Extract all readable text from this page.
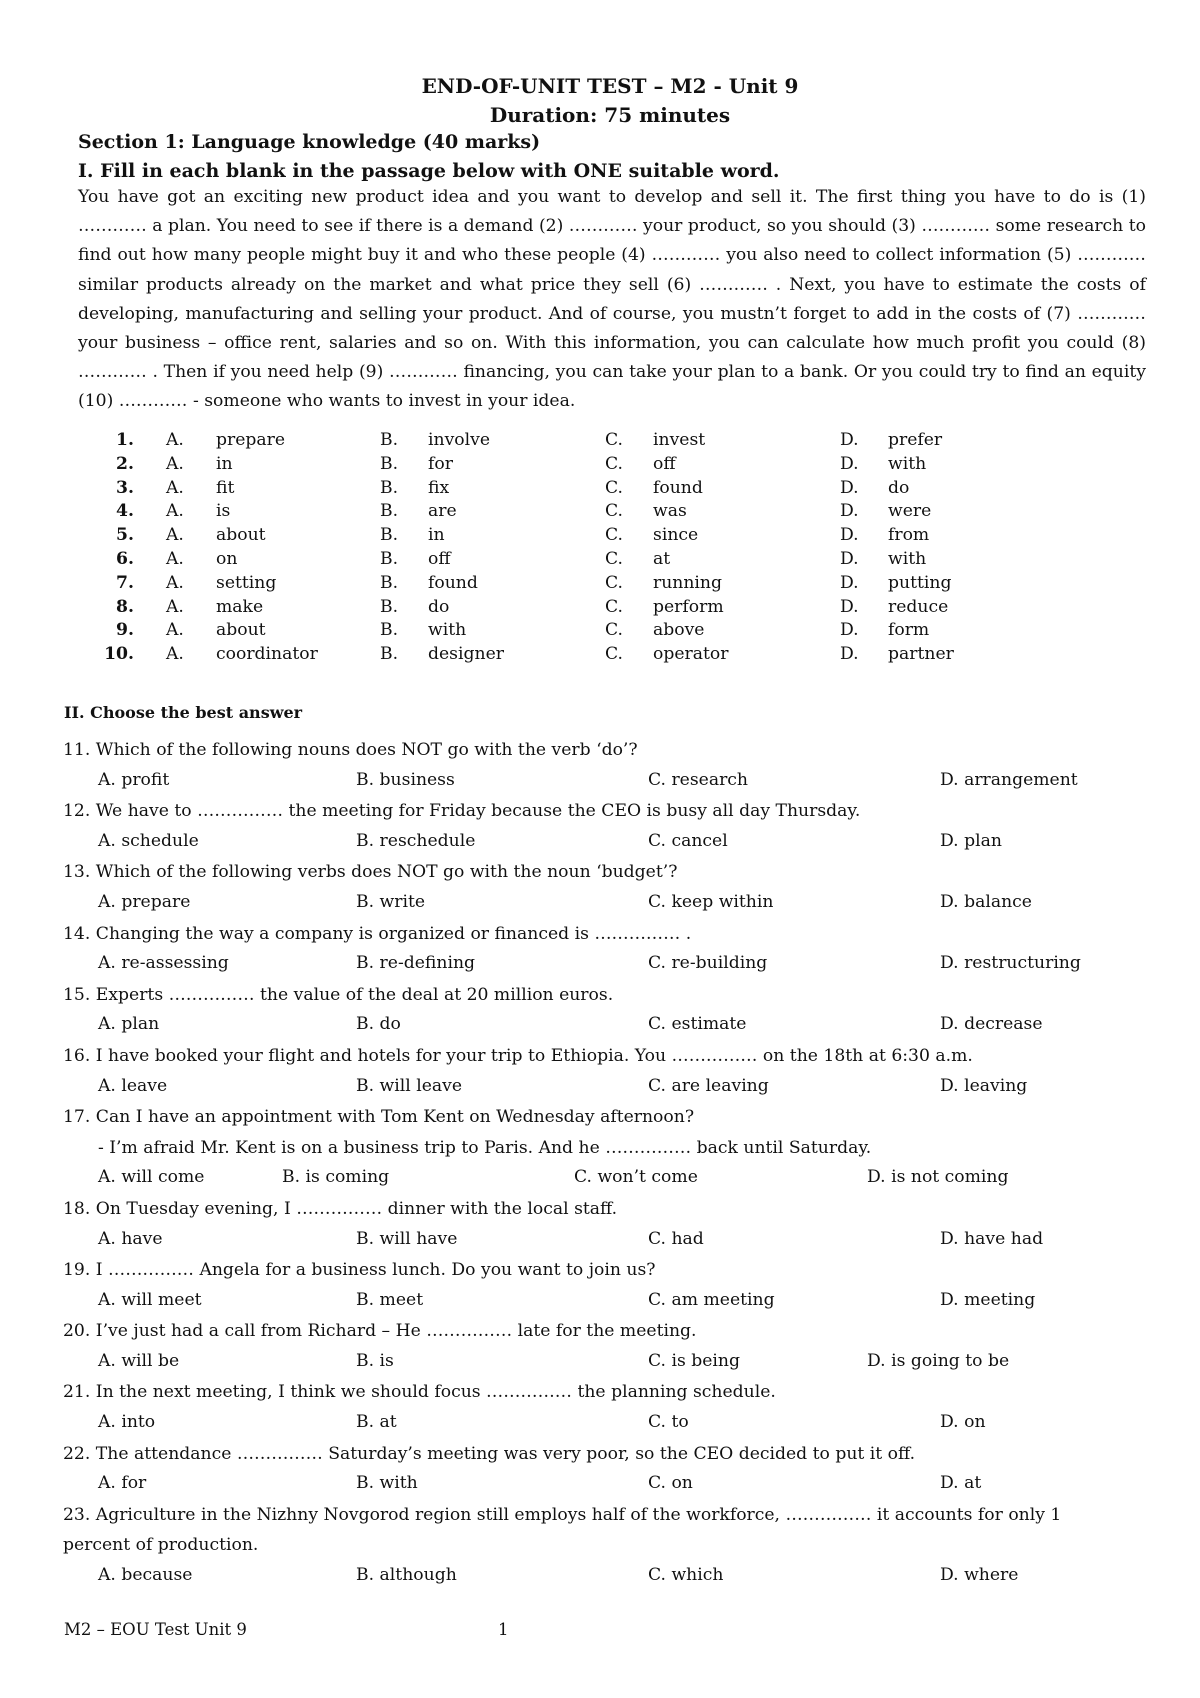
END-OF-UNIT TEST – M2 - Unit 9
Duration: 75 minutes
Section 1: Language knowledge (40 marks)
I. Fill in each blank in the passage below with ONE suitable word.
You have got an exciting new product idea and you want to develop and sell it. The first thing you have to do is (1) ………… a plan. You need to see if there is a demand (2) ………… your product, so you should (3) ………… some research to find out how many people might buy it and who these people (4) ………… you also need to collect information (5) ………… similar products already on the market and what price they sell (6) ………… . Next, you have to estimate the costs of developing, manufacturing and selling your product. And of course, you mustn’t forget to add in the costs of (7) ………… your business – office rent, salaries and so on. With this information, you can calculate how much profit you could (8) ………… . Then if you need help (9) ………… financing, you can take your plan to a bank. Or you could try to find an equity (10) ………… - someone who wants to invest in your idea.
1. A. prepare	B. involve	C. invest	D. prefer
2. A. in	B. for	C. off	D. with
3. A. fit	B. fix	C. found	D. do
4. A. is	B. are	C. was	D. were
5. A. about	B. in	C. since	D. from
6. A. on	B. off	C. at	D. with
7. A. setting	B. found	C. running	D. putting
8. A. make	B. do	C. perform	D. reduce
9. A. about	B. with	C. above	D. form
10. A. coordinator	B. designer	C. operator	D. partner
II. Choose the best answer
11. Which of the following nouns does NOT go with the verb ‘do’?
A. profit	B. business	C. research	D. arrangement
12. We have to …………… the meeting for Friday because the CEO is busy all day Thursday.
A. schedule	B. reschedule	C. cancel	D. plan
13. Which of the following verbs does NOT go with the noun ‘budget’?
A. prepare	B. write	C. keep within	D. balance
14. Changing the way a company is organized or financed is …………… .
A. re-assessing	B. re-defining	C. re-building	D. restructuring
15. Experts …………… the value of the deal at 20 million euros.
A. plan	B. do	C. estimate	D. decrease
16. I have booked your flight and hotels for your trip to Ethiopia. You …………… on the 18th at 6:30 a.m.
A. leave	B. will leave	C. are leaving	D. leaving
17. Can I have an appointment with Tom Kent on Wednesday afternoon?
- I’m afraid Mr. Kent is on a business trip to Paris. And he …………… back until Saturday.
A. will come	B. is coming	C. won’t come	D. is not coming
18. On Tuesday evening, I …………… dinner with the local staff.
A. have	B. will have	C. had	D. have had
19. I …………… Angela for a business lunch. Do you want to join us?
A. will meet	B. meet	C. am meeting	D. meeting
20. I’ve just had a call from Richard – He …………… late for the meeting.
A. will be	B. is	C. is being	D. is going to be
21. In the next meeting, I think we should focus …………… the planning schedule.
A. into	B. at	C. to	D. on
22. The attendance …………… Saturday’s meeting was very poor, so the CEO decided to put it off.
A. for	B. with	C. on	D. at
23. Agriculture in the Nizhny Novgorod region still employs half of the workforce, …………… it accounts for only 1 percent of production.
A. because	B. although	C. which	D. where
M2 – EOU Test Unit 9	1
